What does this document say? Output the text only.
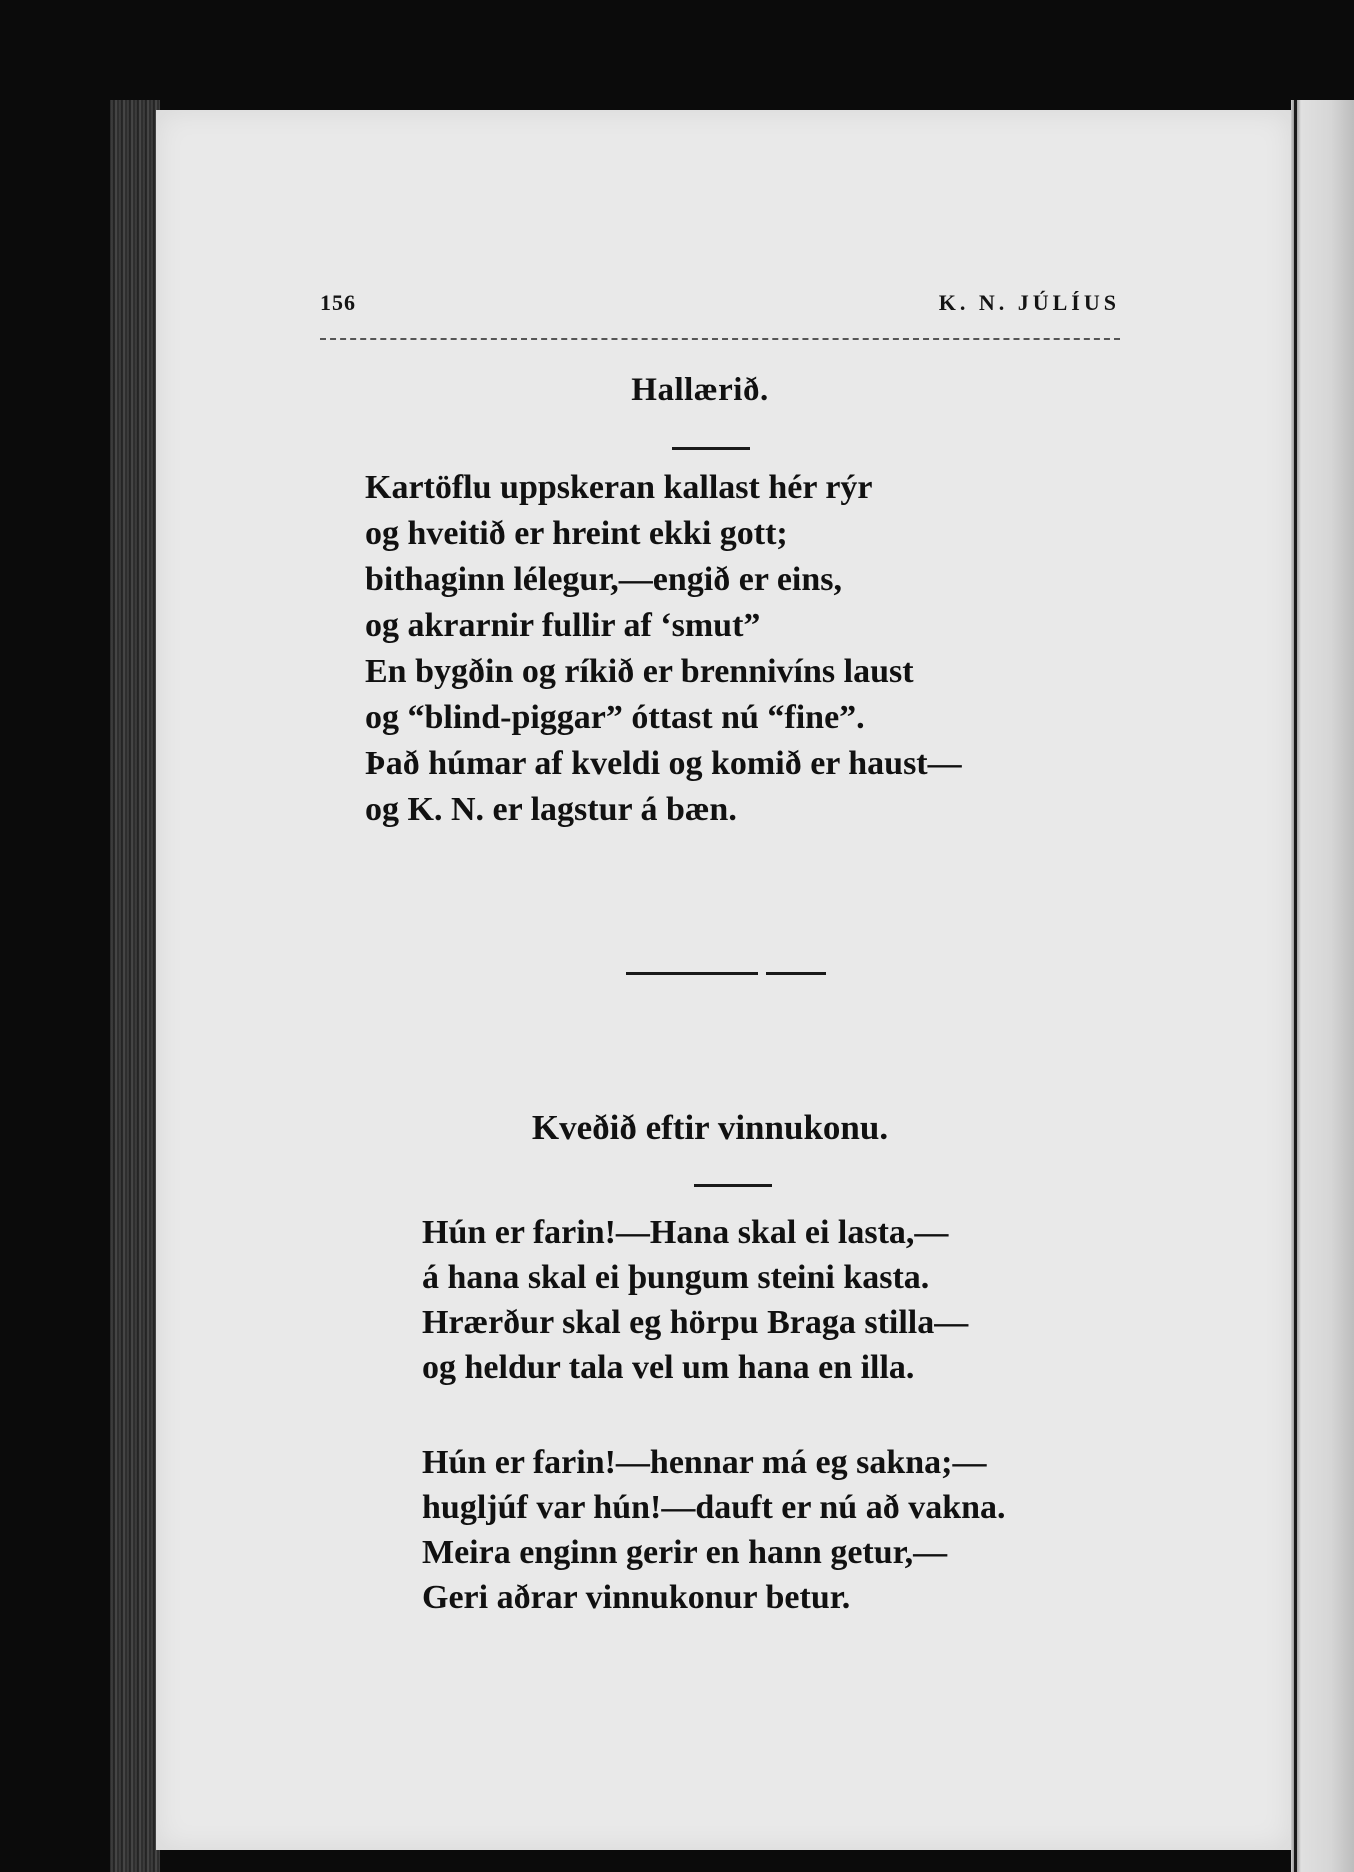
156	K. N. JÚLÍUS
Hallærið.
Kartöflu uppskeran kallast hér rýr
og hveitið er hreint ekki gott;
bithaginn lélegur,—engið er eins,
og akrarnir fullir af ‘smut”
En bygðin og ríkið er brennivíns laust
og “blind-piggar” óttast nú “fine”.
Það húmar af kveldi og komið er haust—
og K. N. er lagstur á bæn.
Kveðið eftir vinnukonu.
Hún er farin!—Hana skal ei lasta,—
á hana skal ei þungum steini kasta.
Hrærður skal eg hörpu Braga stilla—
og heldur tala vel um hana en illa.
Hún er farin!—hennar má eg sakna;—
hugljúf var hún!—dauft er nú að vakna.
Meira enginn gerir en hann getur,—
Geri aðrar vinnukonur betur.
